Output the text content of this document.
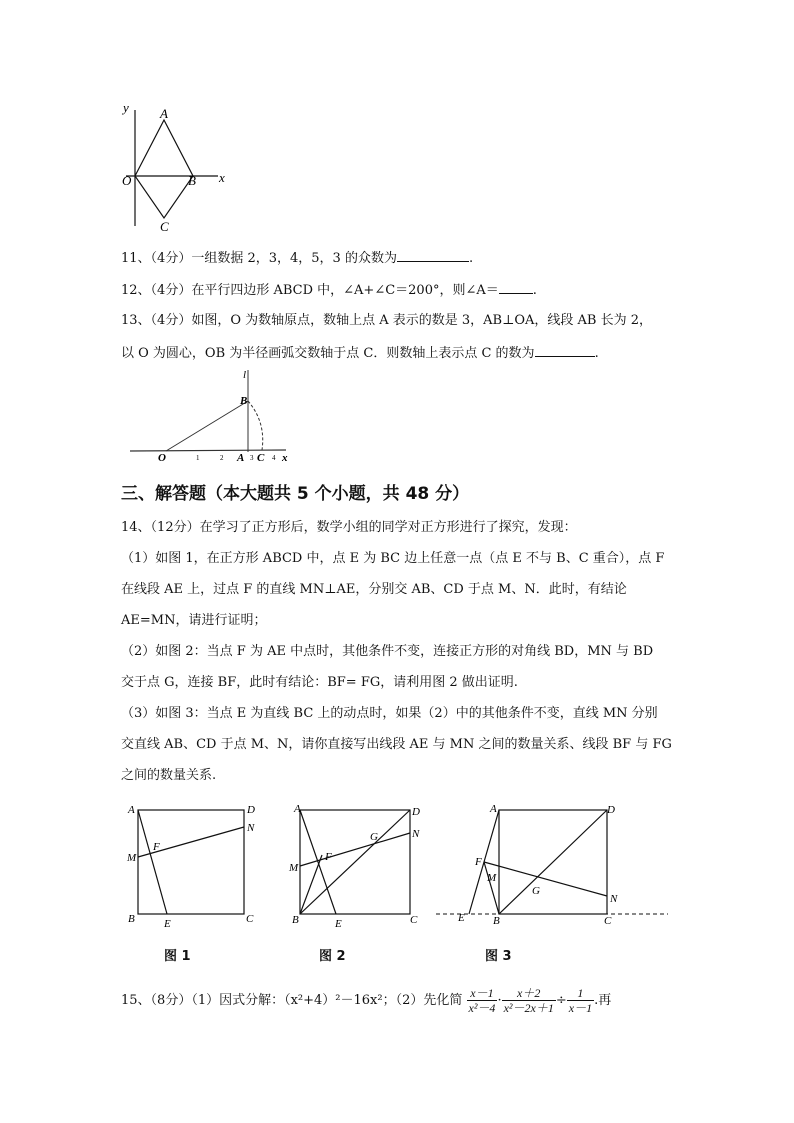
y
x
O
A
B
C
11、（4分）一组数据 2，3，4，5，3 的众数为	.
12、（4分）在平行四边形 ABCD 中，∠A+∠C＝200°，则∠A＝	.
13、（4分）如图，O 为数轴原点，数轴上点 A 表示的数是 3，AB⊥OA，线段 AB 长为 2，
以 O 为圆心，OB 为半径画弧交数轴于点 C．则数轴上表示点 C 的数为	.
l
B
O	1	2 A 3 C 4 x
三、解答题（本大题共 5 个小题，共 48 分）
14、（12分）在学习了正方形后，数学小组的同学对正方形进行了探究，发现：
（1）如图 1，在正方形 ABCD 中，点 E 为 BC 边上任意一点（点 E 不与 B、C 重合），点 F
在线段 AE 上，过点 F 的直线 MN⊥AE，分别交 AB、CD 于点 M、N．此时，有结论
AE=MN，请进行证明；
（2）如图 2：当点 F 为 AE 中点时，其他条件不变，连接正方形的对角线 BD，MN 与 BD
交于点 G，连接 BF，此时有结论：BF= FG，请利用图 2 做出证明.
（3）如图 3：当点 E 为直线 BC 上的动点时，如果（2）中的其他条件不变，直线 MN 分别
交直线 AB、CD 于点 M、N，请你直接写出线段 AE 与 MN 之间的数量关系、线段 BF 与 FG
之间的数量关系.
A	D
N
M
F
B	E	C
图 1
A	D
N
M
F
G
B	E	C
图 2
A	D
F
M
G
N
E	B	C
图 3
15、（8分）（1）因式分解：（x²+4）²－16x²；（2）先化简 $\frac{x-1}{\text{x²－4}} \cdot \frac{x+2}{\text{x²－2x＋1}} \div \frac{1}{x-1}$ .再
